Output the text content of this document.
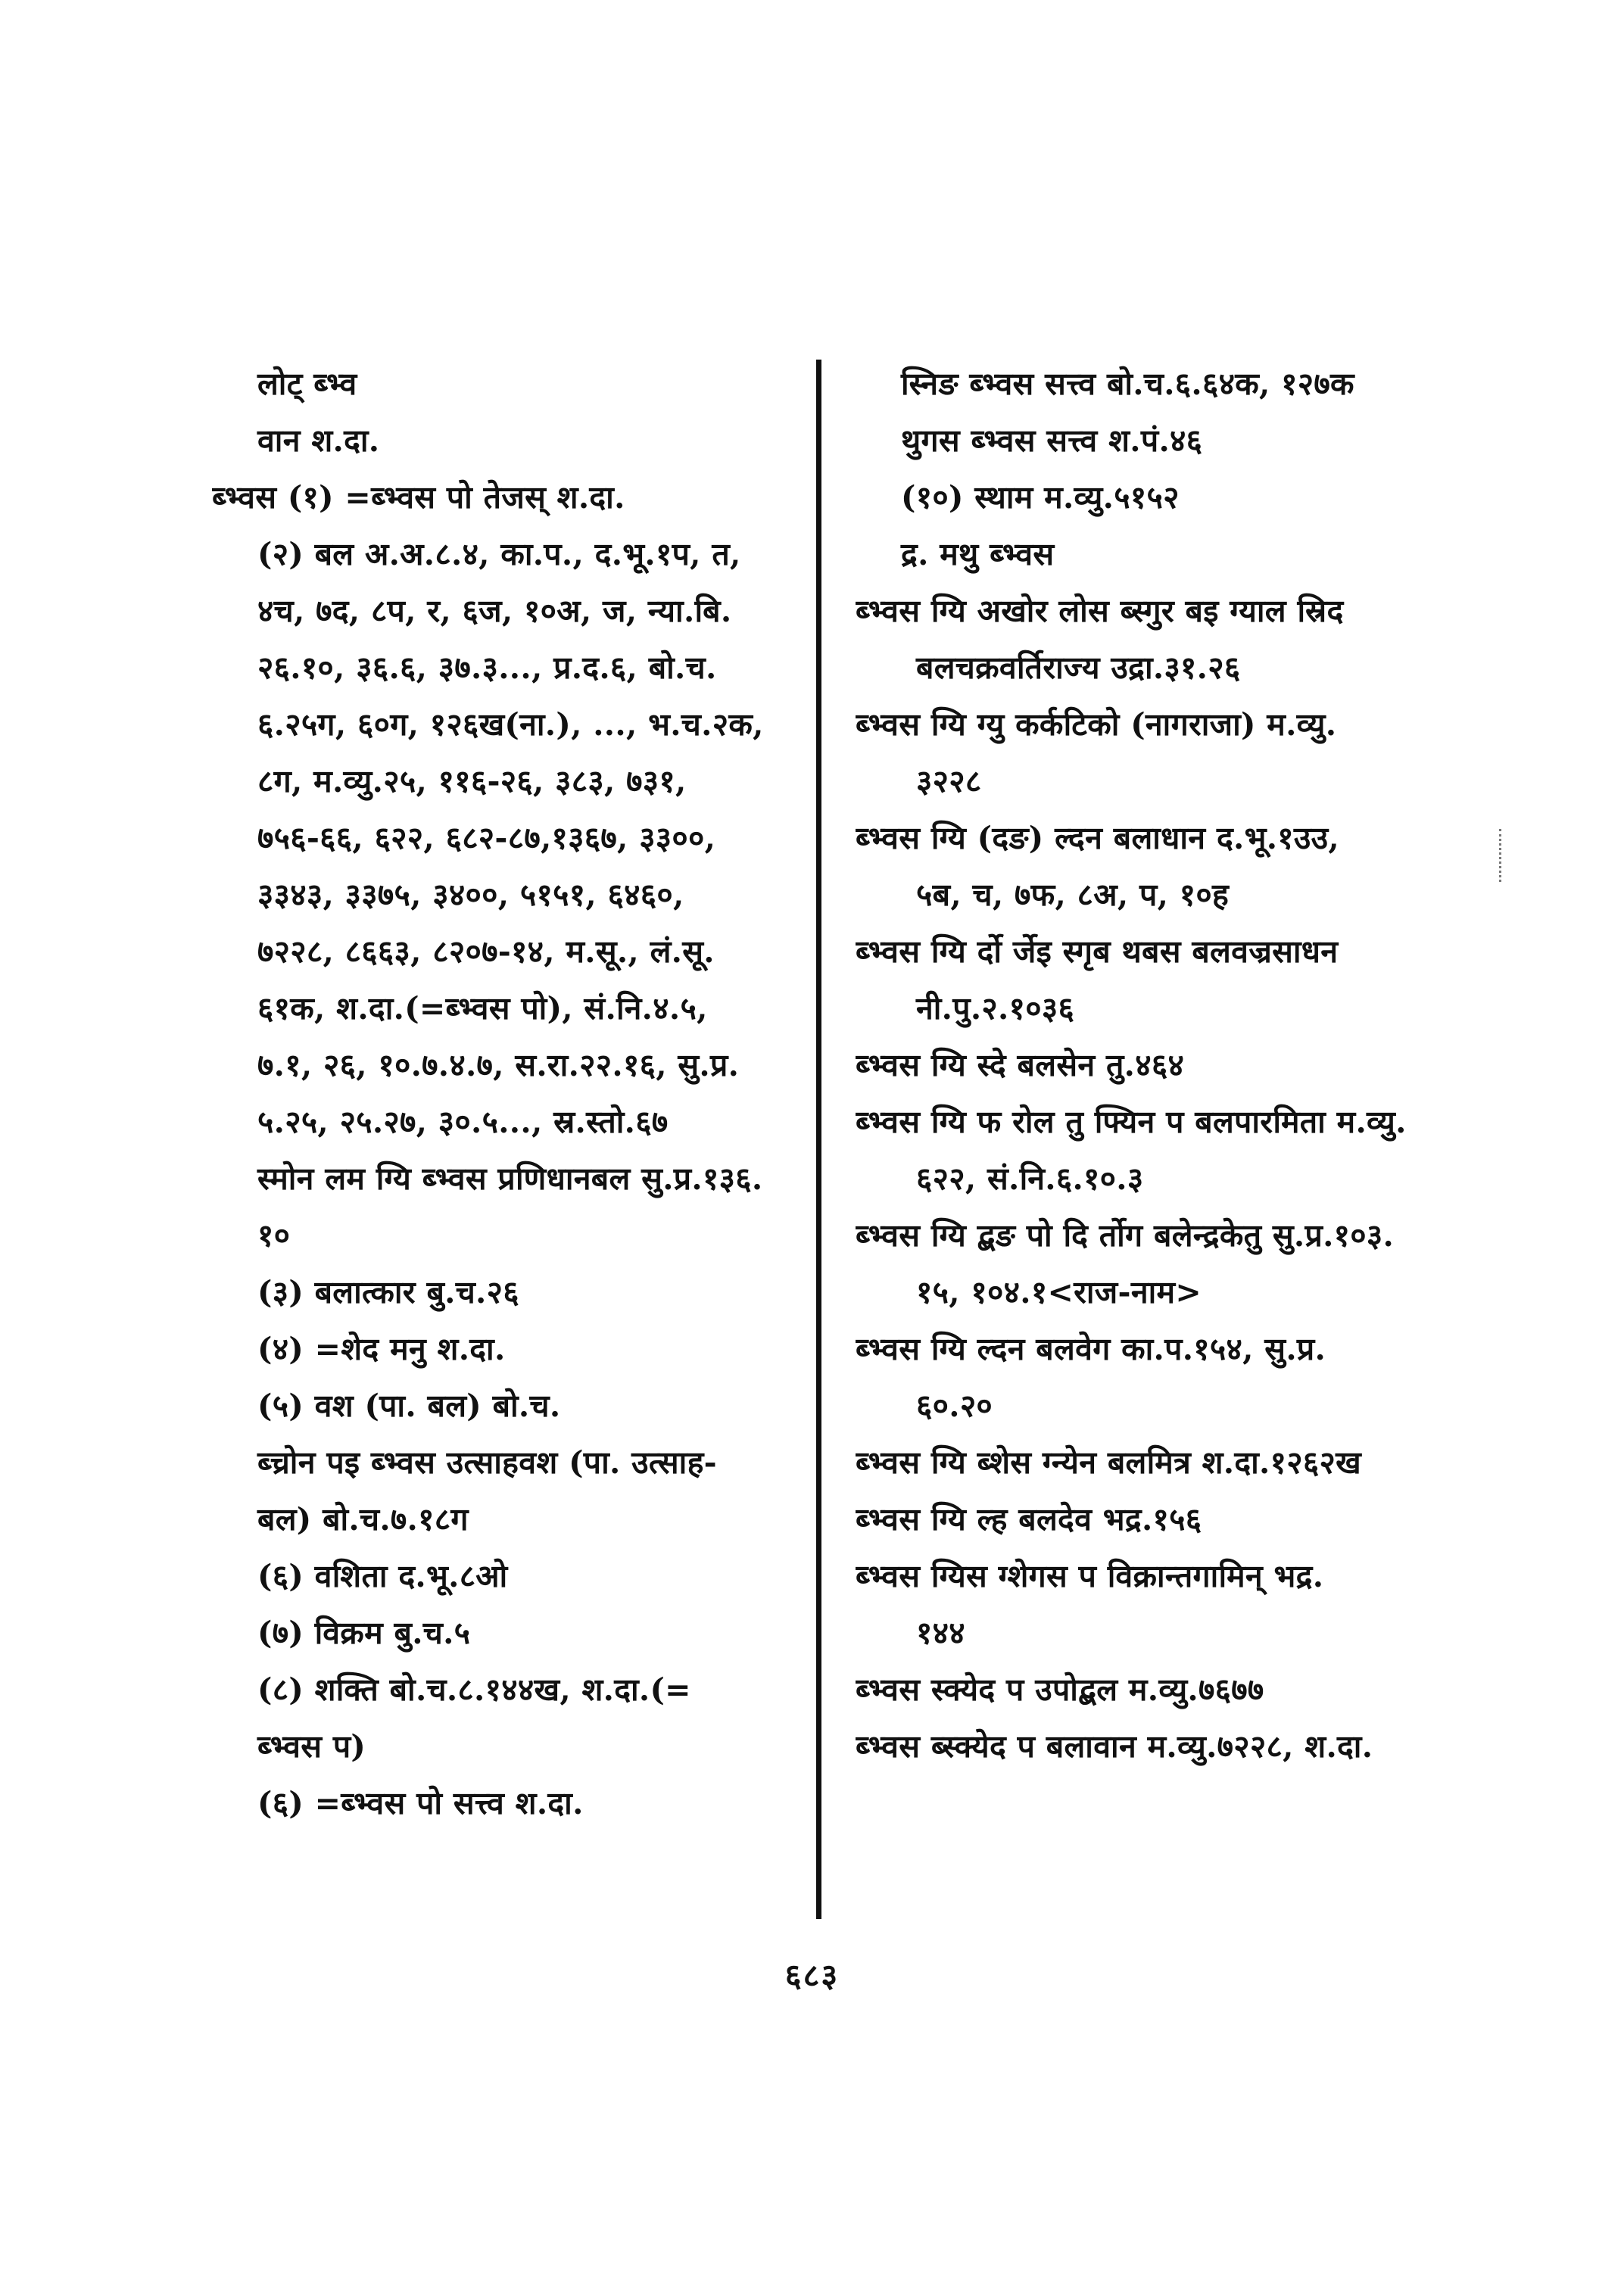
लोट् ब्भ्व
वान श.दा.
ब्भ्वस (१) =ब्भ्वस पो तेजस् श.दा.
(२) बल अ.अ.८.४, का.प., द.भू.१प, त,
४च, ७द, ८प, र, ६ज, १०अ, ज, न्या.बि.
२६.१०, ३६.६, ३७.३..., प्र.द.६, बो.च.
६.२५ग, ६०ग, १२६ख(ना.), ..., भ.च.२क,
८ग, म.व्यु.२५, ११६-२६, ३८३, ७३१,
७५६-६६, ६२२, ६८२-८७,१३६७, ३३००,
३३४३, ३३७५, ३४००, ५१५१, ६४६०,
७२२८, ८६६३, ८२०७-१४, म.सू., लं.सू.
६१क, श.दा.(=ब्भ्वस पो), सं.नि.४.५,
७.१, २६, १०.७.४.७, स.रा.२२.१६, सु.प्र.
५.२५, २५.२७, ३०.५..., स्र.स्तो.६७
स्मोन लम ग्यि ब्भ्वस प्रणिधानबल सु.प्र.१३६.
१०
(३) बलात्कार बु.च.२६
(४) =शेद मनु श.दा.
(५) वश (पा. बल) बो.च.
ब्च्रोन पइ ब्भ्वस उत्साहवश (पा. उत्साह-
बल) बो.च.७.१८ग
(६) वशिता द.भू.८ओ
(७) विक्रम बु.च.५
(८) शक्ति बो.च.८.१४४ख, श.दा.(=
ब्भ्वस प)
(६) =ब्भ्वस पो सत्त्व श.दा.
स्निङ ब्भ्वस सत्त्व बो.च.६.६४क, १२७क
थुगस ब्भ्वस सत्त्व श.पं.४६
(१०) स्थाम म.व्यु.५१५२
द्र. मथु ब्भ्वस
ब्भ्वस ग्यि अखोर लोस ब्स्गुर बइ ग्याल स्रिद
बलचक्रवर्तिराज्य उद्रा.३१.२६
ब्भ्वस ग्यि ग्यु कर्कटिको (नागराजा) म.व्यु.
३२२८
ब्भ्वस ग्यि (दङ) ल्दन बलाधान द.भू.१उउ,
५ब, च, ७फ, ८अ, प, १०ह
ब्भ्वस ग्यि र्दो र्जेइ स्गृब थबस बलवज्रसाधन
नी.पु.२.१०३६
ब्भ्वस ग्यि स्दे बलसेन तु.४६४
ब्भ्वस ग्यि फ रोल तु फ्यिन प बलपारमिता म.व्यु.
६२२, सं.नि.६.१०.३
ब्भ्वस ग्यि द्बङ पो दि र्तोग बलेन्द्रकेतु सु.प्र.१०३.
१५, १०४.१<राज-नाम>
ब्भ्वस ग्यि ल्दन बलवेग का.प.१५४, सु.प्र.
६०.२०
ब्भ्वस ग्यि ब्शेस ग्न्येन बलमित्र श.दा.१२६२ख
ब्भ्वस ग्यि ल्ह बलदेव भद्र.१५६
ब्भ्वस ग्यिस ग्शेगस प विक्रान्तगामिन् भद्र.
१४४
ब्भ्वस स्क्येद प उपोद्बल म.व्यु.७६७७
ब्भ्वस ब्स्क्येद प बलावान म.व्यु.७२२८, श.दा.
६८३
